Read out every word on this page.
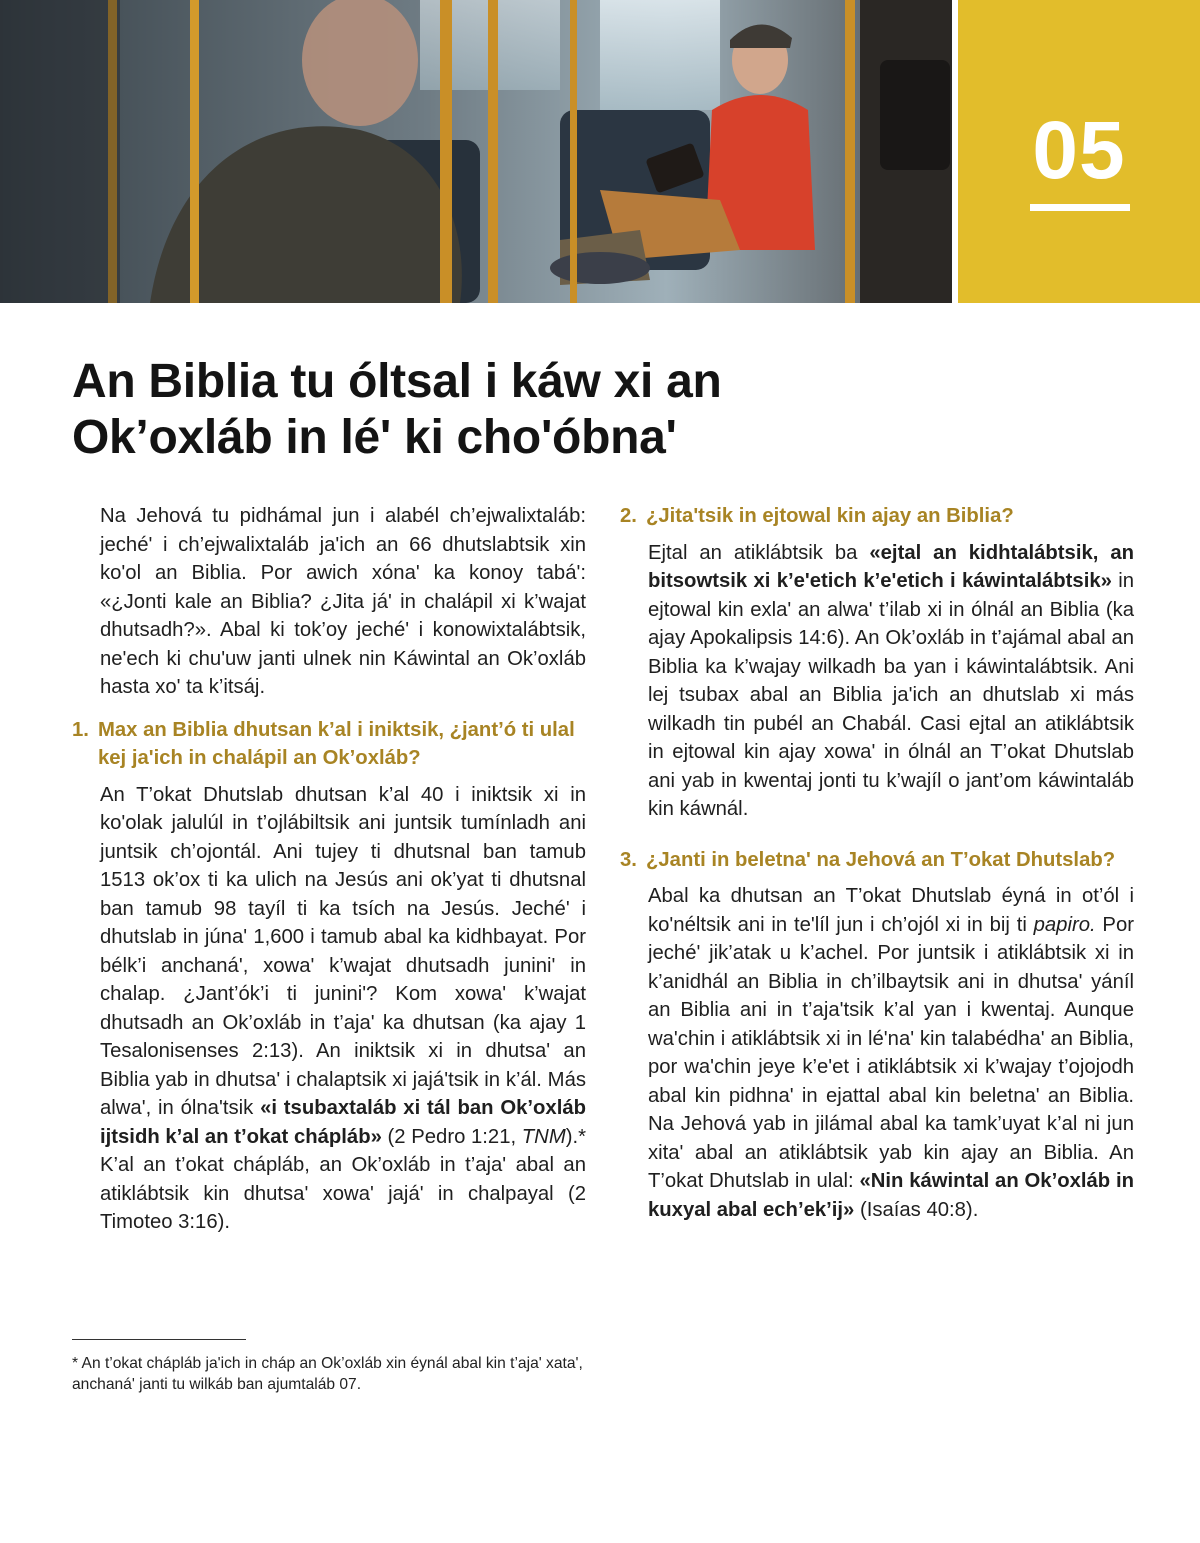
05
An Biblia tu óltsal i káw xi an
Ok’oxláb in lé' ki cho'óbna'

Na Jehová tu pidhámal jun i alabél ch’ejwalixtaláb: jeché' i ch’ejwalixtaláb ja'ich an 66 dhutslabtsik xin ko'ol an Biblia. Por awich xóna' ka konoy tabá': «¿Jonti kale an Biblia? ¿Jita já' in chalápil xi k’wajat dhutsadh?». Abal ki tok’oy jeché' i konowixtalábtsik, ne'ech ki chu'uw janti ulnek nin Káwintal an Ok’oxláb hasta xo' ta k’itsáj.

1. Max an Biblia dhutsan k’al i iniktsik, ¿jant’ó ti ulal kej ja'ich in chalápil an Ok’oxláb?

An T’okat Dhutslab dhutsan k’al 40 i iniktsik xi in ko'olak jalulúl in t’ojlábiltsik ani juntsik tumínladh ani juntsik ch’ojontál. Ani tujey ti dhutsnal ban tamub 1513 ok’ox ti ka ulich na Jesús ani ok’yat ti dhutsnal ban tamub 98 tayíl ti ka tsích na Jesús. Jeché' i dhutslab in júna' 1,600 i tamub abal ka kidhbayat. Por bélk’i anchaná', xowa' k’wajat dhutsadh junini' in chalap. ¿Jant’ók’i ti junini'? Kom xowa' k’wajat dhutsadh an Ok’oxláb in t’aja' ka dhutsan (ka ajay 1 Tesalonisenses 2:13). An iniktsik xi in dhutsa' an Biblia yab in dhutsa' i chalaptsik xi jajá'tsik in k’ál. Más alwa', in ólna'tsik «i tsubaxtaláb xi tál ban Ok’oxláb ijtsidh k’al an t’okat chápláb» (2 Pedro 1:21, TNM).* K’al an t’okat chápláb, an Ok’oxláb in t’aja' abal an atiklábtsik kin dhutsa' xowa' jajá' in chalpayal (2 Timoteo 3:16).

* An t’okat chápláb ja'ich in cháp an Ok’oxláb xin éynál abal kin t’aja' xata', anchaná' janti tu wilkáb ban ajumtaláb 07.

2. ¿Jita'tsik in ejtowal kin ajay an Biblia?

Ejtal an atiklábtsik ba «ejtal an kidhtalábtsik, an bitsowtsik xi k’e'etich k’e'etich i káwintalábtsik» in ejtowal kin exla' an alwa' t’ilab xi in ólnál an Biblia (ka ajay Apokalipsis 14:6). An Ok’oxláb in t’ajámal abal an Biblia ka k’wajay wilkadh ba yan i káwintalábtsik. Ani lej tsubax abal an Biblia ja'ich an dhutslab xi más wilkadh tin pubél an Chabál. Casi ejtal an atiklábtsik in ejtowal kin ajay xowa' in ólnál an T’okat Dhutslab ani yab in kwentaj jonti tu k’wajíl o jant’om káwintaláb kin káwnál.

3. ¿Janti in beletna' na Jehová an T’okat Dhutslab?

Abal ka dhutsan an T’okat Dhutslab éyná in ot’ól i ko'néltsik ani in te'líl jun i ch’ojól xi in bij ti papiro. Por jeché' jik’atak u k’achel. Por juntsik i atiklábtsik xi in k’anidhál an Biblia in ch’ilbaytsik ani in dhutsa' yáníl an Biblia ani in t’aja'tsik k’al yan i kwentaj. Aunque wa'chin i atiklábtsik xi in lé'na' kin talabédha' an Biblia, por wa'chin jeye k’e'et i atiklábtsik xi k’wajay t’ojojodh abal kin pidhna' in ejattal abal kin beletna' an Biblia. Na Jehová yab in jilámal abal ka tamk’uyat k’al ni jun xita' abal an atiklábtsik yab kin ajay an Biblia. An T’okat Dhutslab in ulal: «Nin káwintal an Ok’oxláb in kuxyal abal ech’ek’ij» (Isaías 40:8).
